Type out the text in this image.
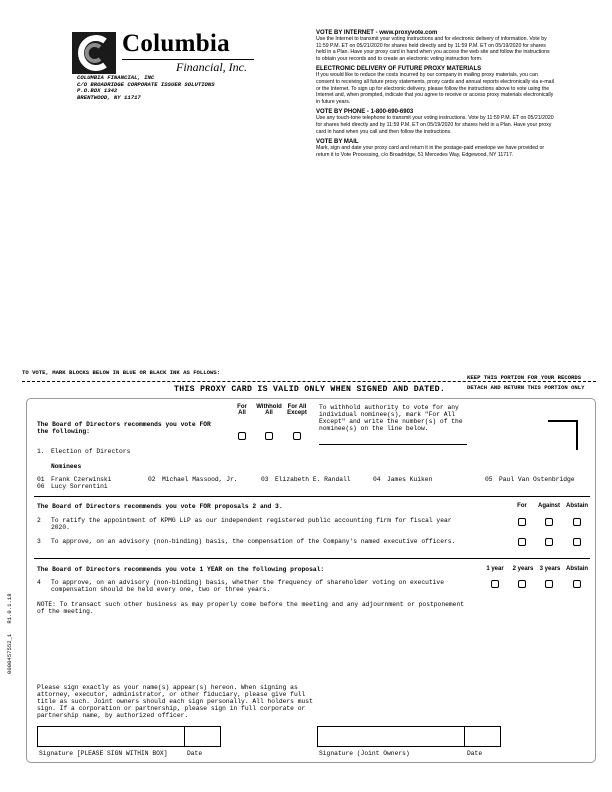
Columbia
Financial, Inc.
COLUMBIA FINANCIAL, INC
C/O BROADRIDGE CORPORATE ISSUER SOLUTIONS
P.O.BOX 1342
BRENTWOOD, NY 11717
VOTE BY INTERNET - www.proxyvote.com
Use the Internet to transmit your voting instructions and for electronic delivery of information. Vote by 11:59 P.M. ET on 05/21/2020 for shares held directly and by 11:59 P.M. ET on 05/19/2020 for shares held in a Plan. Have your proxy card in hand when you access the web site and follow the instructions to obtain your records and to create an electronic voting instruction form.
ELECTRONIC DELIVERY OF FUTURE PROXY MATERIALS
If you would like to reduce the costs incurred by our company in mailing proxy materials, you can consent to receiving all future proxy statements, proxy cards and annual reports electronically via e-mail or the Internet. To sign up for electronic delivery, please follow the instructions above to vote using the Internet and, when prompted, indicate that you agree to receive or access proxy materials electronically in future years.
VOTE BY PHONE - 1-800-690-6903
Use any touch-tone telephone to transmit your voting instructions. Vote by 11:59 P.M. ET on 05/21/2020 for shares held directly and by 11:59 P.M. ET on 05/19/2020 for shares held in a Plan. Have your proxy card in hand when you call and then follow the instructions.
VOTE BY MAIL
Mark, sign and date your proxy card and return it in the postage-paid envelope we have provided or return it to Vote Processing, c/o Broadridge, 51 Mercedes Way, Edgewood, NY 11717.
TO VOTE, MARK BLOCKS BELOW IN BLUE OR BLACK INK AS FOLLOWS:
KEEP THIS PORTION FOR YOUR RECORDS
THIS PROXY CARD IS VALID ONLY WHEN SIGNED AND DATED.	DETACH AND RETURN THIS PORTION ONLY
0000457552_1   R1.0.1.18
The Board of Directors recommends you vote FOR
the following:
For
All
Withhold
All
For All
Except
To withhold authority to vote for any
individual nominee(s), mark "For All
Except" and write the number(s) of the
nominee(s) on the line below.
1. Election of Directors
Nominees
01 Frank Czerwinski	02 Michael Massood, Jr.	03 Elizabeth E. Randall	04 James Kuiken	05 Paul Van Ostenbridge
06 Lucy Sorrentini
The Board of Directors recommends you vote FOR proposals 2 and 3.	For	Against Abstain
2 To ratify the appointment of KPMG LLP as our independent registered public accounting firm for fiscal year
2020.
3 To approve, on an advisory (non-binding) basis, the compensation of the Company's named executive officers.
The Board of Directors recommends you vote 1 YEAR on the following proposal:	1 year	2 years	3 years Abstain
4 To approve, on an advisory (non-binding) basis, whether the frequency of shareholder voting on executive
compensation should be held every one, two or three years.
NOTE: To transact such other business as may properly come before the meeting and any adjournment or postponement
of the meeting.
Please sign exactly as your name(s) appear(s) hereon. When signing as
attorney, executor, administrator, or other fiduciary, please give full
title as such. Joint owners should each sign personally. All holders must
sign. If a corporation or partnership, please sign in full corporate or
partnership name, by authorized officer.
Signature [PLEASE SIGN WITHIN BOX]	Date	Signature (Joint Owners)	Date
